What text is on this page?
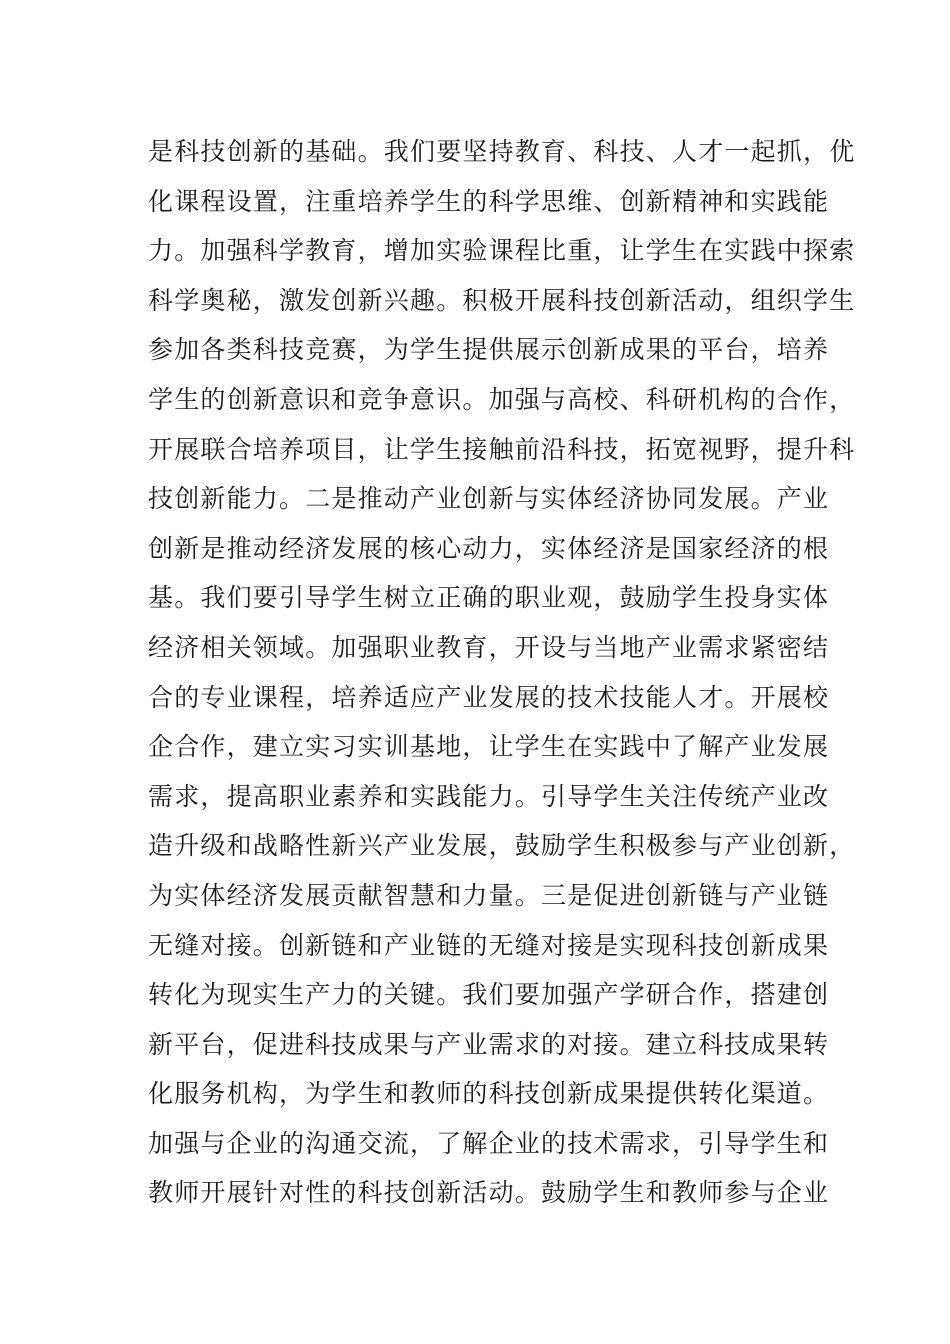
是科技创新的基础。我们要坚持教育、科技、人才一起抓，优
化课程设置，注重培养学生的科学思维、创新精神和实践能
力。加强科学教育，增加实验课程比重，让学生在实践中探索
科学奥秘，激发创新兴趣。积极开展科技创新活动，组织学生
参加各类科技竞赛，为学生提供展示创新成果的平台，培养
学生的创新意识和竞争意识。加强与高校、科研机构的合作，
开展联合培养项目，让学生接触前沿科技，拓宽视野，提升科
技创新能力。二是推动产业创新与实体经济协同发展。产业
创新是推动经济发展的核心动力，实体经济是国家经济的根
基。我们要引导学生树立正确的职业观，鼓励学生投身实体
经济相关领域。加强职业教育，开设与当地产业需求紧密结
合的专业课程，培养适应产业发展的技术技能人才。开展校
企合作，建立实习实训基地，让学生在实践中了解产业发展
需求，提高职业素养和实践能力。引导学生关注传统产业改
造升级和战略性新兴产业发展，鼓励学生积极参与产业创新，
为实体经济发展贡献智慧和力量。三是促进创新链与产业链
无缝对接。创新链和产业链的无缝对接是实现科技创新成果
转化为现实生产力的关键。我们要加强产学研合作，搭建创
新平台，促进科技成果与产业需求的对接。建立科技成果转
化服务机构，为学生和教师的科技创新成果提供转化渠道。
加强与企业的沟通交流，了解企业的技术需求，引导学生和
教师开展针对性的科技创新活动。鼓励学生和教师参与企业
